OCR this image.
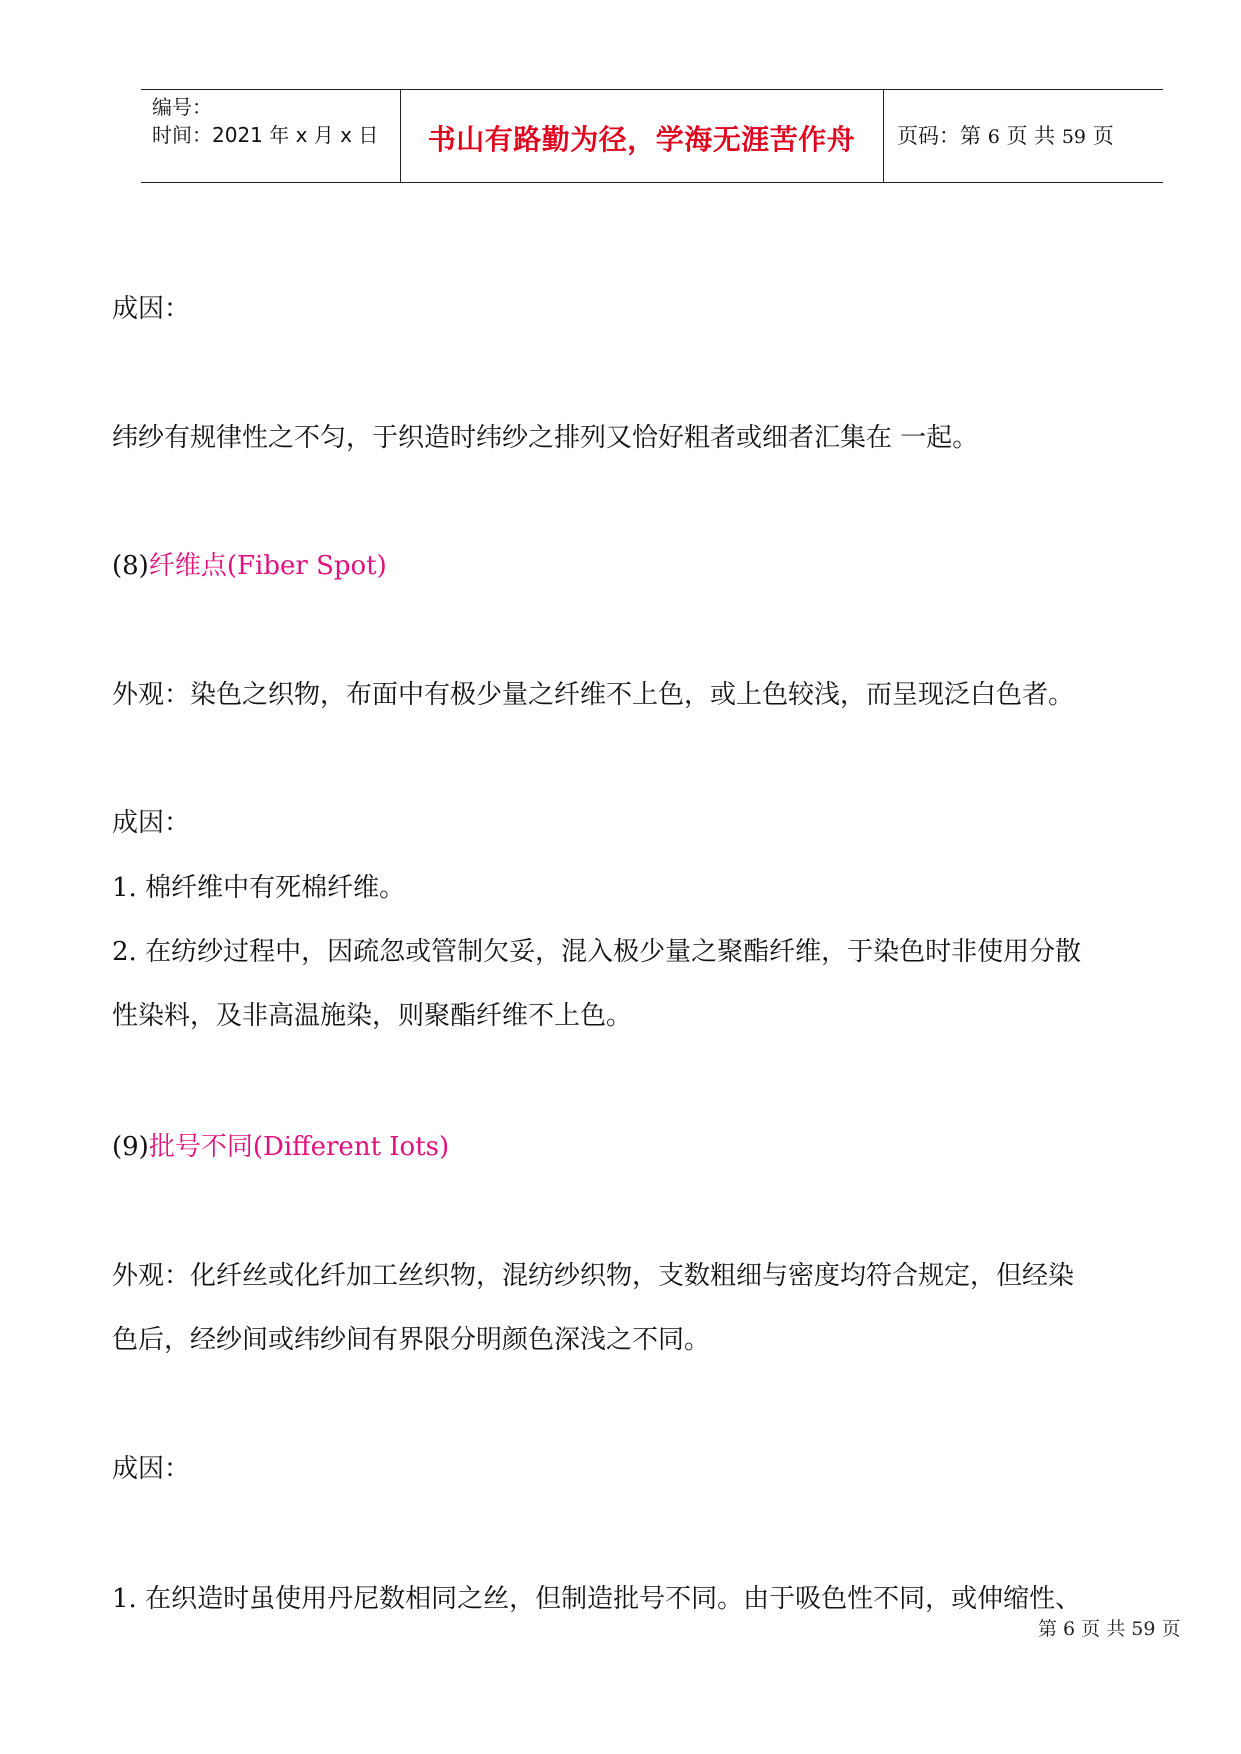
编号：
时间：2021 年 x 月 x 日	书山有路勤为径，学海无涯苦作舟	页码：第 6 页 共 59 页
成因：
纬纱有规律性之不匀，于织造时纬纱之排列又恰好粗者或细者汇集在 一起。
(8)纤维点(Fiber Spot)
外观：染色之织物，布面中有极少量之纤维不上色，或上色较浅，而呈现泛白色者。
成因：
1. 棉纤维中有死棉纤维。
2. 在纺纱过程中，因疏忽或管制欠妥，混入极少量之聚酯纤维，于染色时非使用分散
性染料，及非高温施染，则聚酯纤维不上色。
(9)批号不同(Different Iots)
外观：化纤丝或化纤加工丝织物，混纺纱织物，支数粗细与密度均符合规定，但经染
色后，经纱间或纬纱间有界限分明颜色深浅之不同。
成因：
1. 在织造时虽使用丹尼数相同之丝，但制造批号不同。由于吸色性不同，或伸缩性、
第 6 页 共 59 页
